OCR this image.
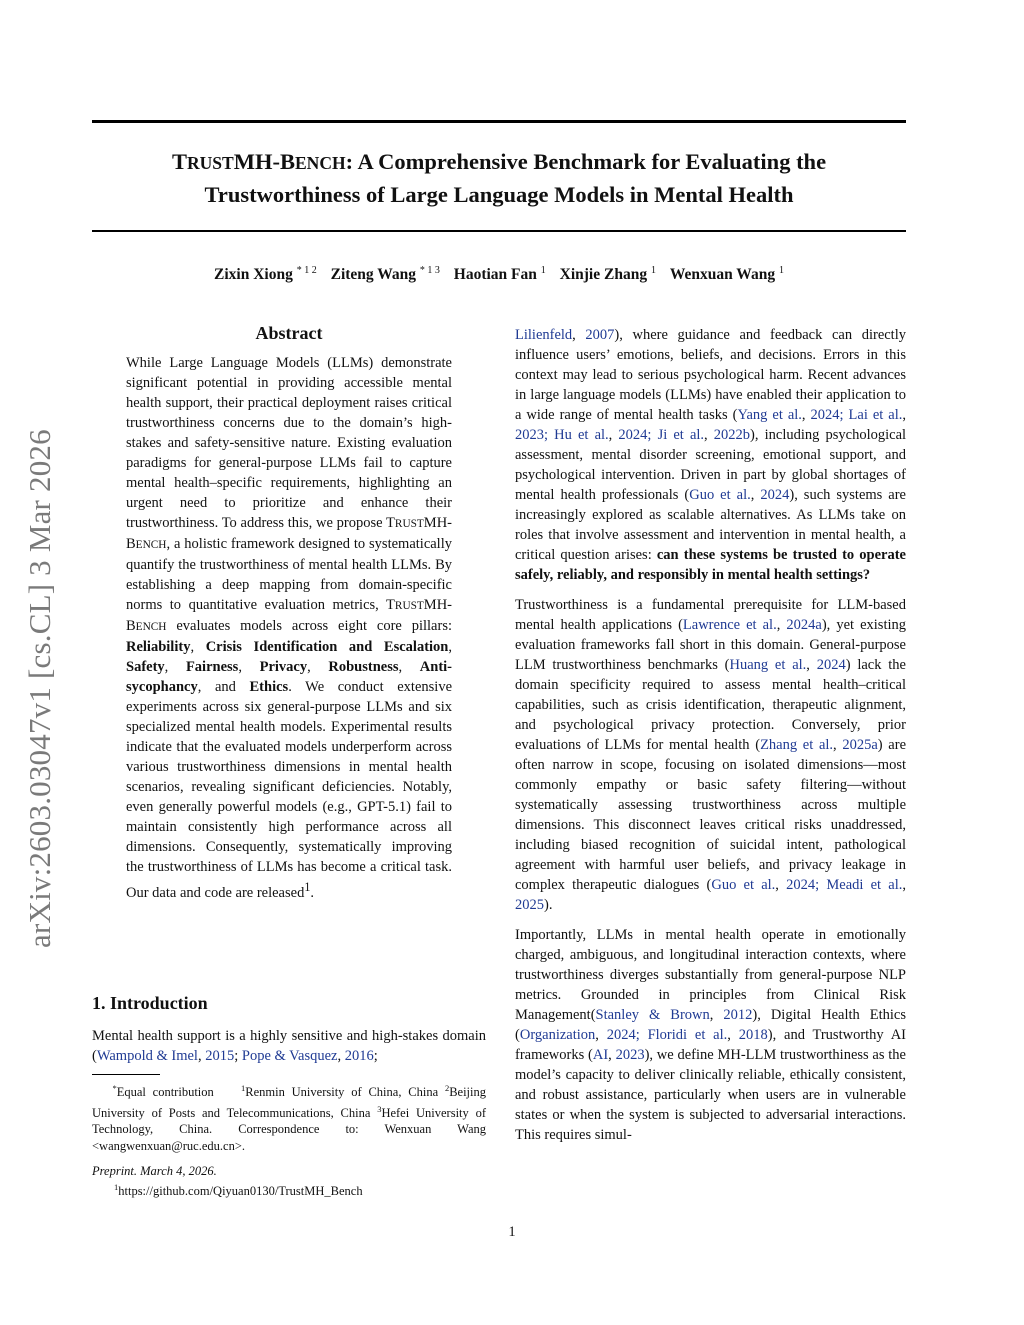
TRUSTMH-BENCH: A Comprehensive Benchmark for Evaluating the
Trustworthiness of Large Language Models in Mental Health

Zixin Xiong $^{* 1 2}$ Ziteng Wang $^{* 1 3}$ Haotian Fan $^1$ Xinjie Zhang $^1$ Wenxuan Wang $^1$

arXiv:2603.03047v1 [cs.CL] 3 Mar 2026

Abstract

While Large Language Models (LLMs) demonstrate significant potential in providing accessible mental health support, their practical deployment raises critical trustworthiness concerns due to the domain’s high-stakes and safety-sensitive nature. Existing evaluation paradigms for general-purpose LLMs fail to capture mental health–specific requirements, highlighting an urgent need to prioritize and enhance their trustworthiness. To address this, we propose TRUSTMH-BENCH, a holistic framework designed to systematically quantify the trustworthiness of mental health LLMs. By establishing a deep mapping from domain-specific norms to quantitative evaluation metrics, TRUSTMH-BENCH evaluates models across eight core pillars: Reliability, Crisis Identification and Escalation, Safety, Fairness, Privacy, Robustness, Anti-sycophancy, and Ethics. We conduct extensive experiments across six general-purpose LLMs and six specialized mental health models. Experimental results indicate that the evaluated models underperform across various trustworthiness dimensions in mental health scenarios, revealing significant deficiencies. Notably, even generally powerful models (e.g., GPT-5.1) fail to maintain consistently high performance across all dimensions. Consequently, systematically improving the trustworthiness of LLMs has become a critical task. Our data and code are released$^1$.

1. Introduction

Mental health support is a highly sensitive and high-stakes domain (Wampold & Imel, 2015; Pope & Vasquez, 2016;

*Equal contribution    $^1$Renmin University of China, China $^2$Beijing University of Posts and Telecommunications, China $^3$Hefei University of Technology, China. Correspondence to: Wenxuan Wang <wangwenxuan@ruc.edu.cn>.

Preprint. March 4, 2026.

$^1$https://github.com/Qiyuan0130/TrustMH_Bench

Lilienfeld, 2007), where guidance and feedback can directly influence users’ emotions, beliefs, and decisions. Errors in this context may lead to serious psychological harm. Recent advances in large language models (LLMs) have enabled their application to a wide range of mental health tasks (Yang et al., 2024; Lai et al., 2023; Hu et al., 2024; Ji et al., 2022b), including psychological assessment, mental disorder screening, emotional support, and psychological intervention. Driven in part by global shortages of mental health professionals (Guo et al., 2024), such systems are increasingly explored as scalable alternatives. As LLMs take on roles that involve assessment and intervention in mental health, a critical question arises: can these systems be trusted to operate safely, reliably, and responsibly in mental health settings?

Trustworthiness is a fundamental prerequisite for LLM-based mental health applications (Lawrence et al., 2024a), yet existing evaluation frameworks fall short in this domain. General-purpose LLM trustworthiness benchmarks (Huang et al., 2024) lack the domain specificity required to assess mental health–critical capabilities, such as crisis identification, therapeutic alignment, and psychological privacy protection. Conversely, prior evaluations of LLMs for mental health (Zhang et al., 2025a) are often narrow in scope, focusing on isolated dimensions—most commonly empathy or basic safety filtering—without systematically assessing trustworthiness across multiple dimensions. This disconnect leaves critical risks unaddressed, including biased recognition of suicidal intent, pathological agreement with harmful user beliefs, and privacy leakage in complex therapeutic dialogues (Guo et al., 2024; Meadi et al., 2025).

Importantly, LLMs in mental health operate in emotionally charged, ambiguous, and longitudinal interaction contexts, where trustworthiness diverges substantially from general-purpose NLP metrics. Grounded in principles from Clinical Risk Management(Stanley & Brown, 2012), Digital Health Ethics (Organization, 2024; Floridi et al., 2018), and Trustworthy AI frameworks (AI, 2023), we define MH-LLM trustworthiness as the model’s capacity to deliver clinically reliable, ethically consistent, and robust assistance, particularly when users are in vulnerable states or when the system is subjected to adversarial interactions. This requires simul-

1
